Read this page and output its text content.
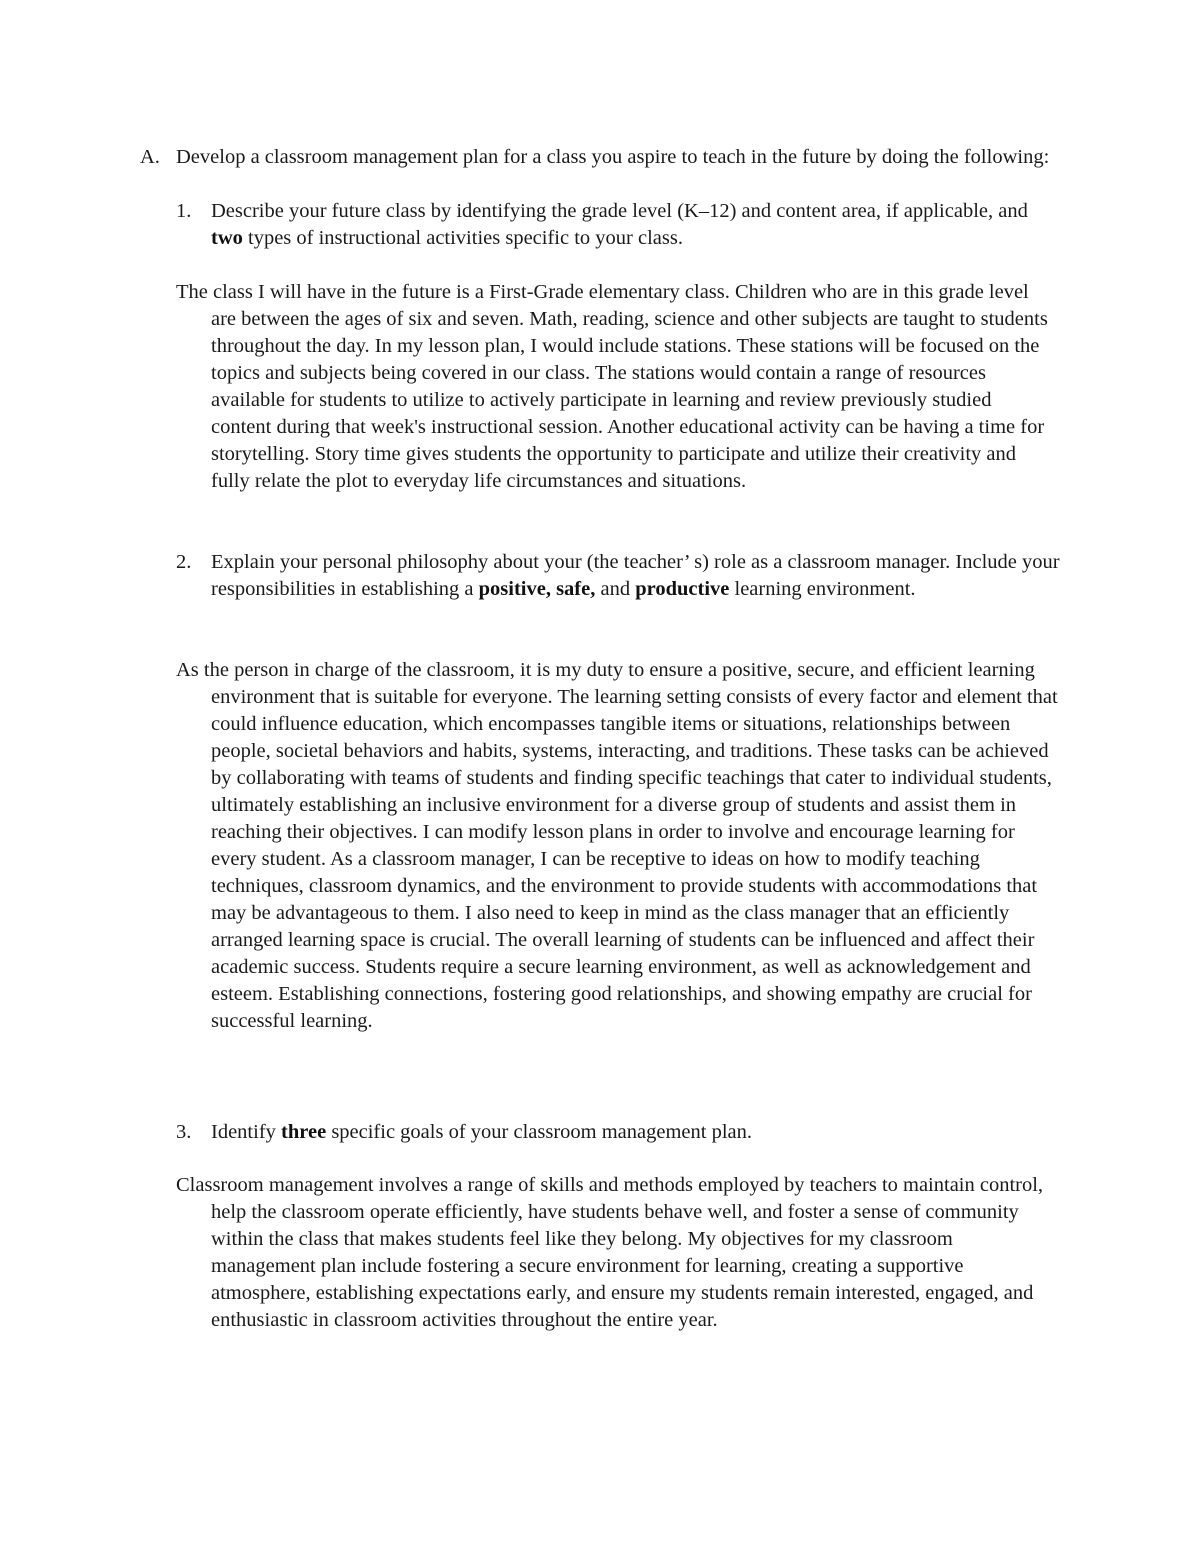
A. Develop a classroom management plan for a class you aspire to teach in the future by doing the following:

1. Describe your future class by identifying the grade level (K–12) and content area, if applicable, and two types of instructional activities specific to your class.

The class I will have in the future is a First-Grade elementary class. Children who are in this grade level are between the ages of six and seven. Math, reading, science and other subjects are taught to students throughout the day. In my lesson plan, I would include stations. These stations will be focused on the topics and subjects being covered in our class. The stations would contain a range of resources available for students to utilize to actively participate in learning and review previously studied content during that week's instructional session. Another educational activity can be having a time for storytelling. Story time gives students the opportunity to participate and utilize their creativity and fully relate the plot to everyday life circumstances and situations.

2. Explain your personal philosophy about your (the teacher’ s) role as a classroom manager. Include your responsibilities in establishing a positive, safe, and productive learning environment.

As the person in charge of the classroom, it is my duty to ensure a positive, secure, and efficient learning environment that is suitable for everyone. The learning setting consists of every factor and element that could influence education, which encompasses tangible items or situations, relationships between people, societal behaviors and habits, systems, interacting, and traditions. These tasks can be achieved by collaborating with teams of students and finding specific teachings that cater to individual students, ultimately establishing an inclusive environment for a diverse group of students and assist them in reaching their objectives. I can modify lesson plans in order to involve and encourage learning for every student. As a classroom manager, I can be receptive to ideas on how to modify teaching techniques, classroom dynamics, and the environment to provide students with accommodations that may be advantageous to them. I also need to keep in mind as the class manager that an efficiently arranged learning space is crucial. The overall learning of students can be influenced and affect their academic success. Students require a secure learning environment, as well as acknowledgement and esteem. Establishing connections, fostering good relationships, and showing empathy are crucial for successful learning.

3. Identify three specific goals of your classroom management plan.

Classroom management involves a range of skills and methods employed by teachers to maintain control, help the classroom operate efficiently, have students behave well, and foster a sense of community within the class that makes students feel like they belong. My objectives for my classroom management plan include fostering a secure environment for learning, creating a supportive atmosphere, establishing expectations early, and ensure my students remain interested, engaged, and enthusiastic in classroom activities throughout the entire year.
